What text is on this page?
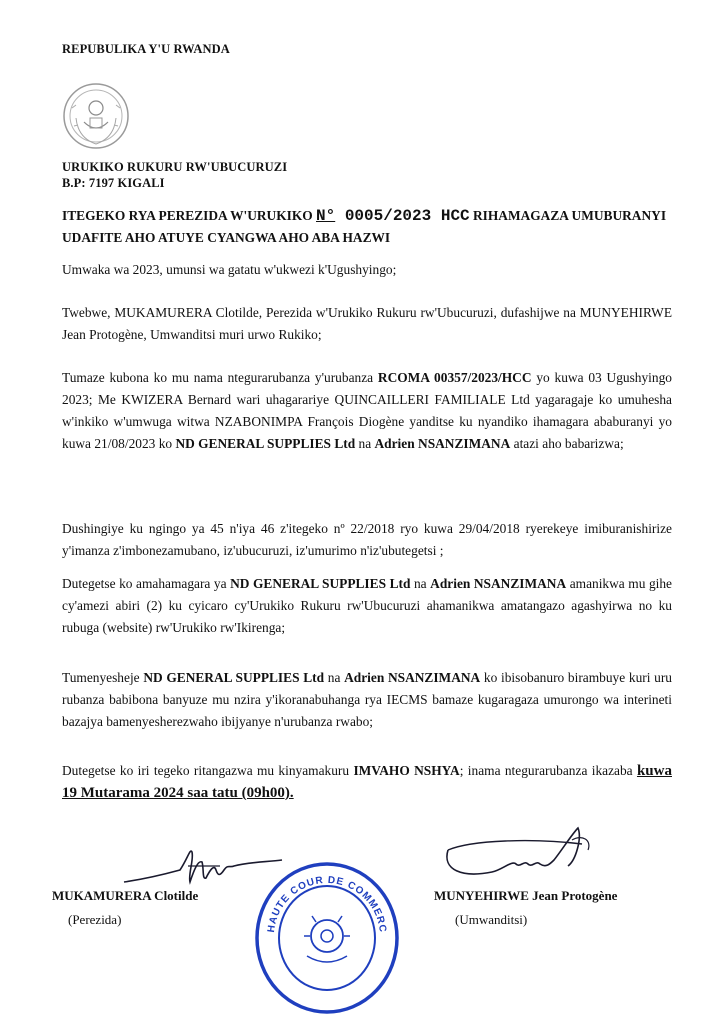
REPUBULIKA Y'U RWANDA
URUKIKO RUKURU RW'UBUCURUZI
B.P: 7197 KIGALI
ITEGEKO RYA PEREZIDA W'URUKIKO N° 0005/2023 HCC RIHAMAGAZA UMUBURANYI UDAFITE AHO ATUYE CYANGWA AHO ABA HAZWI

Umwaka wa 2023, umunsi wa gatatu w'ukwezi k'Ugushyingo;

Twebwe, MUKAMURERA Clotilde, Perezida w'Urukiko Rukuru rw'Ubucuruzi, dufashijwe na MUNYEHIRWE Jean Protogène, Umwanditsi muri urwo Rukiko;

Tumaze kubona ko mu nama ntegurarubanza y'urubanza RCOMA 00357/2023/HCC yo kuwa 03 Ugushyingo 2023; Me KWIZERA Bernard wari uhagarariye QUINCAILLERI FAMILIALE Ltd yagaragaje ko umuhesha w'inkiko w'umwuga witwa NZABONIMPA François Diogène yanditse ku nyandiko ihamagara ababuranyi yo kuwa 21/08/2023 ko ND GENERAL SUPPLIES Ltd na Adrien NSANZIMANA atazi aho babarizwa;

Dushingiye ku ngingo ya 45 n'iya 46 z'itegeko nº 22/2018 ryo kuwa 29/04/2018 ryerekeye imiburanishirize y'imanza z'imbonezamubano, iz'ubucuruzi, iz'umurimo n'iz'ubutegetsi ;

Dutegetse ko amahamagara ya ND GENERAL SUPPLIES Ltd na Adrien NSANZIMANA amanikwa mu gihe cy'amezi abiri (2) ku cyicaro cy'Urukiko Rukuru rw'Ubucuruzi ahamanikwa amatangazo agashyirwa no ku rubuga (website) rw'Urukiko rw'Ikirenga;

Tumenyesheje ND GENERAL SUPPLIES Ltd na Adrien NSANZIMANA ko ibisobanuro birambuye kuri uru rubanza babibona banyuze mu nzira y'ikoranabuhanga rya IECMS bamaze kugaragaza umurongo wa interineti bazajya bamenyesherezwaho ibijyanye n'urubanza rwabo;

Dutegetse ko iri tegeko ritangazwa mu kinyamakuru IMVAHO NSHYA; inama ntegurarubanza ikazaba kuwa 19 Mutarama 2024 saa tatu (09h00).

MUKAMURERA Clotilde
(Perezida)
HAUTE COUR DE COMMERC
MUNYEHIRWE Jean Protogène
(Umwanditsi)
